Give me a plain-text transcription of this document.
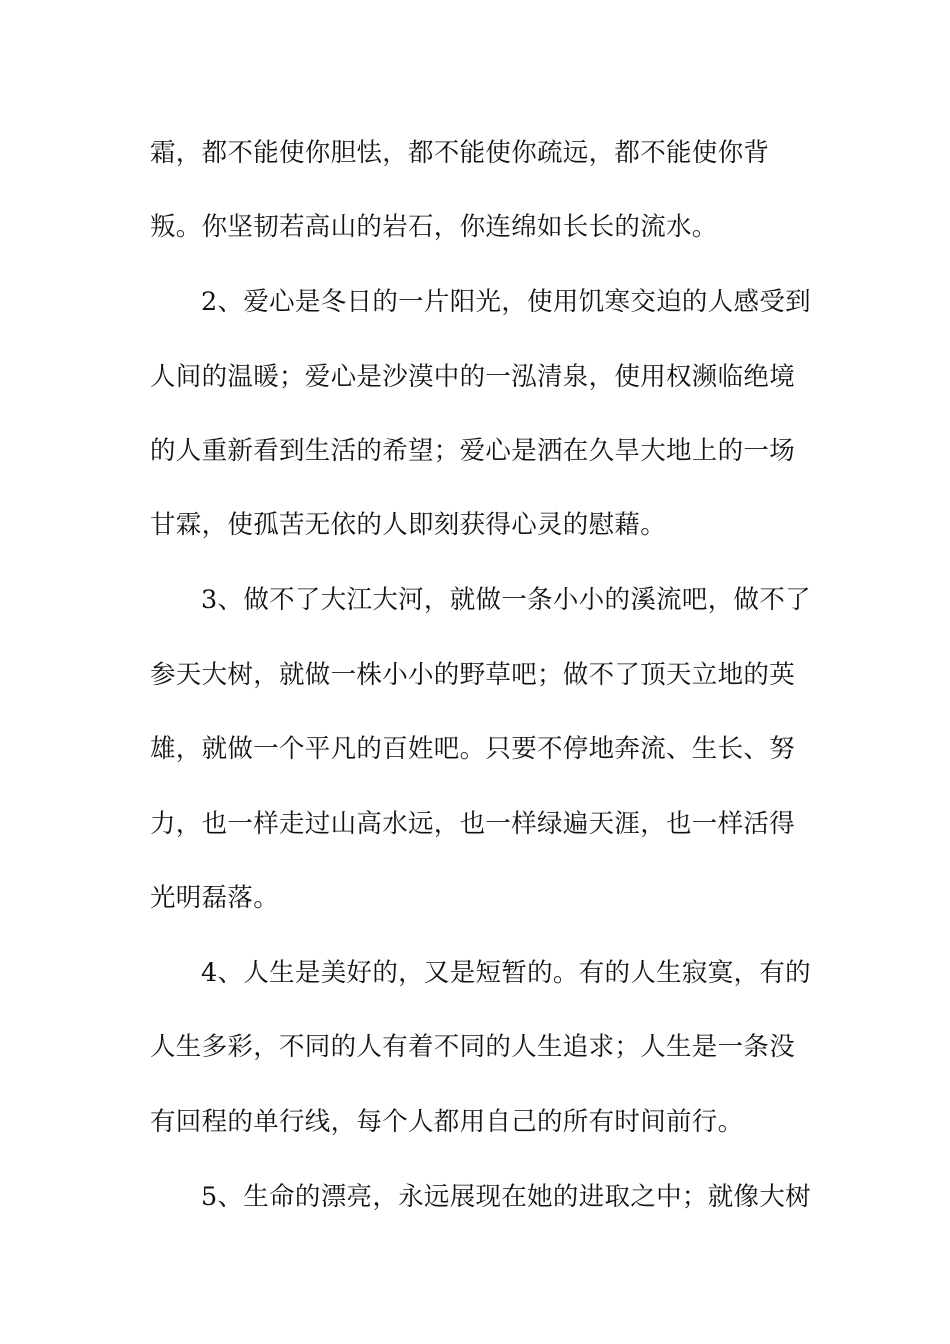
霜，都不能使你胆怯，都不能使你疏远，都不能使你背
叛。你坚韧若高山的岩石，你连绵如长长的流水。
2、爱心是冬日的一片阳光，使用饥寒交迫的人感受到
人间的温暖；爱心是沙漠中的一泓清泉，使用权濒临绝境
的人重新看到生活的希望；爱心是洒在久旱大地上的一场
甘霖，使孤苦无依的人即刻获得心灵的慰藉。
3、做不了大江大河，就做一条小小的溪流吧，做不了
参天大树，就做一株小小的野草吧；做不了顶天立地的英
雄，就做一个平凡的百姓吧。只要不停地奔流、生长、努
力，也一样走过山高水远，也一样绿遍天涯，也一样活得
光明磊落。
4、人生是美好的，又是短暂的。有的人生寂寞，有的
人生多彩，不同的人有着不同的人生追求；人生是一条没
有回程的单行线，每个人都用自己的所有时间前行。
5、生命的漂亮，永远展现在她的进取之中；就像大树
